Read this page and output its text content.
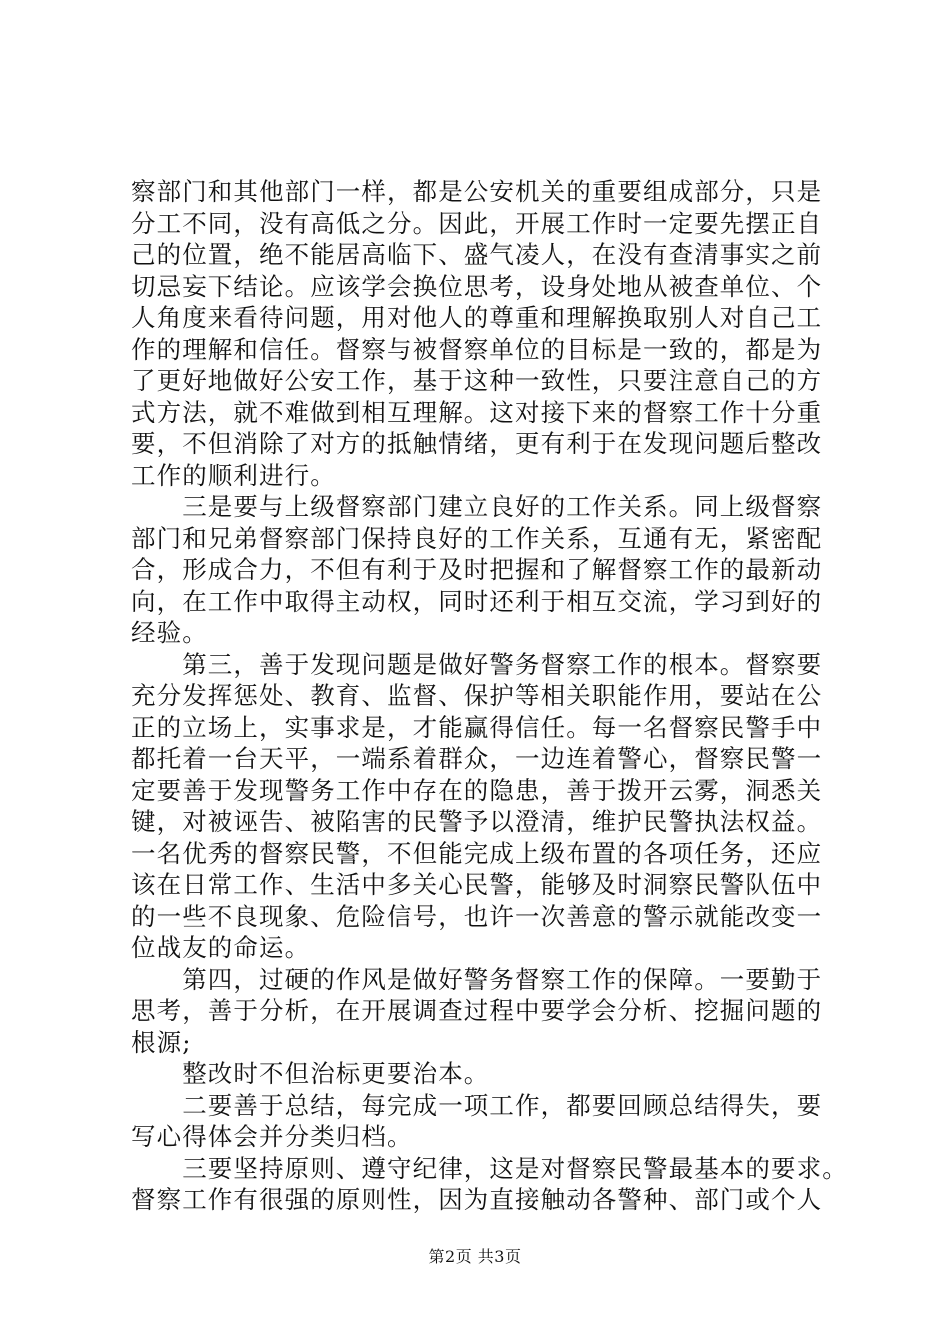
察部门和其他部门一样，都是公安机关的重要组成部分，只是
分工不同，没有高低之分。因此，开展工作时一定要先摆正自
己的位置，绝不能居高临下、盛气凌人，在没有查清事实之前
切忌妄下结论。应该学会换位思考，设身处地从被查单位、个
人角度来看待问题，用对他人的尊重和理解换取别人对自己工
作的理解和信任。督察与被督察单位的目标是一致的，都是为
了更好地做好公安工作，基于这种一致性，只要注意自己的方
式方法，就不难做到相互理解。这对接下来的督察工作十分重
要，不但消除了对方的抵触情绪，更有利于在发现问题后整改
工作的顺利进行。
　　三是要与上级督察部门建立良好的工作关系。同上级督察
部门和兄弟督察部门保持良好的工作关系，互通有无，紧密配
合，形成合力，不但有利于及时把握和了解督察工作的最新动
向，在工作中取得主动权，同时还利于相互交流，学习到好的
经验。
　　第三，善于发现问题是做好警务督察工作的根本。督察要
充分发挥惩处、教育、监督、保护等相关职能作用，要站在公
正的立场上，实事求是，才能赢得信任。每一名督察民警手中
都托着一台天平，一端系着群众，一边连着警心，督察民警一
定要善于发现警务工作中存在的隐患，善于拨开云雾，洞悉关
键，对被诬告、被陷害的民警予以澄清，维护民警执法权益。
一名优秀的督察民警，不但能完成上级布置的各项任务，还应
该在日常工作、生活中多关心民警，能够及时洞察民警队伍中
的一些不良现象、危险信号，也许一次善意的警示就能改变一
位战友的命运。
　　第四，过硬的作风是做好警务督察工作的保障。一要勤于
思考，善于分析，在开展调查过程中要学会分析、挖掘问题的
根源;
　　整改时不但治标更要治本。
　　二要善于总结，每完成一项工作，都要回顾总结得失，要
写心得体会并分类归档。
　　三要坚持原则、遵守纪律，这是对督察民警最基本的要求。
督察工作有很强的原则性，因为直接触动各警种、部门或个人
第2页 共3页
